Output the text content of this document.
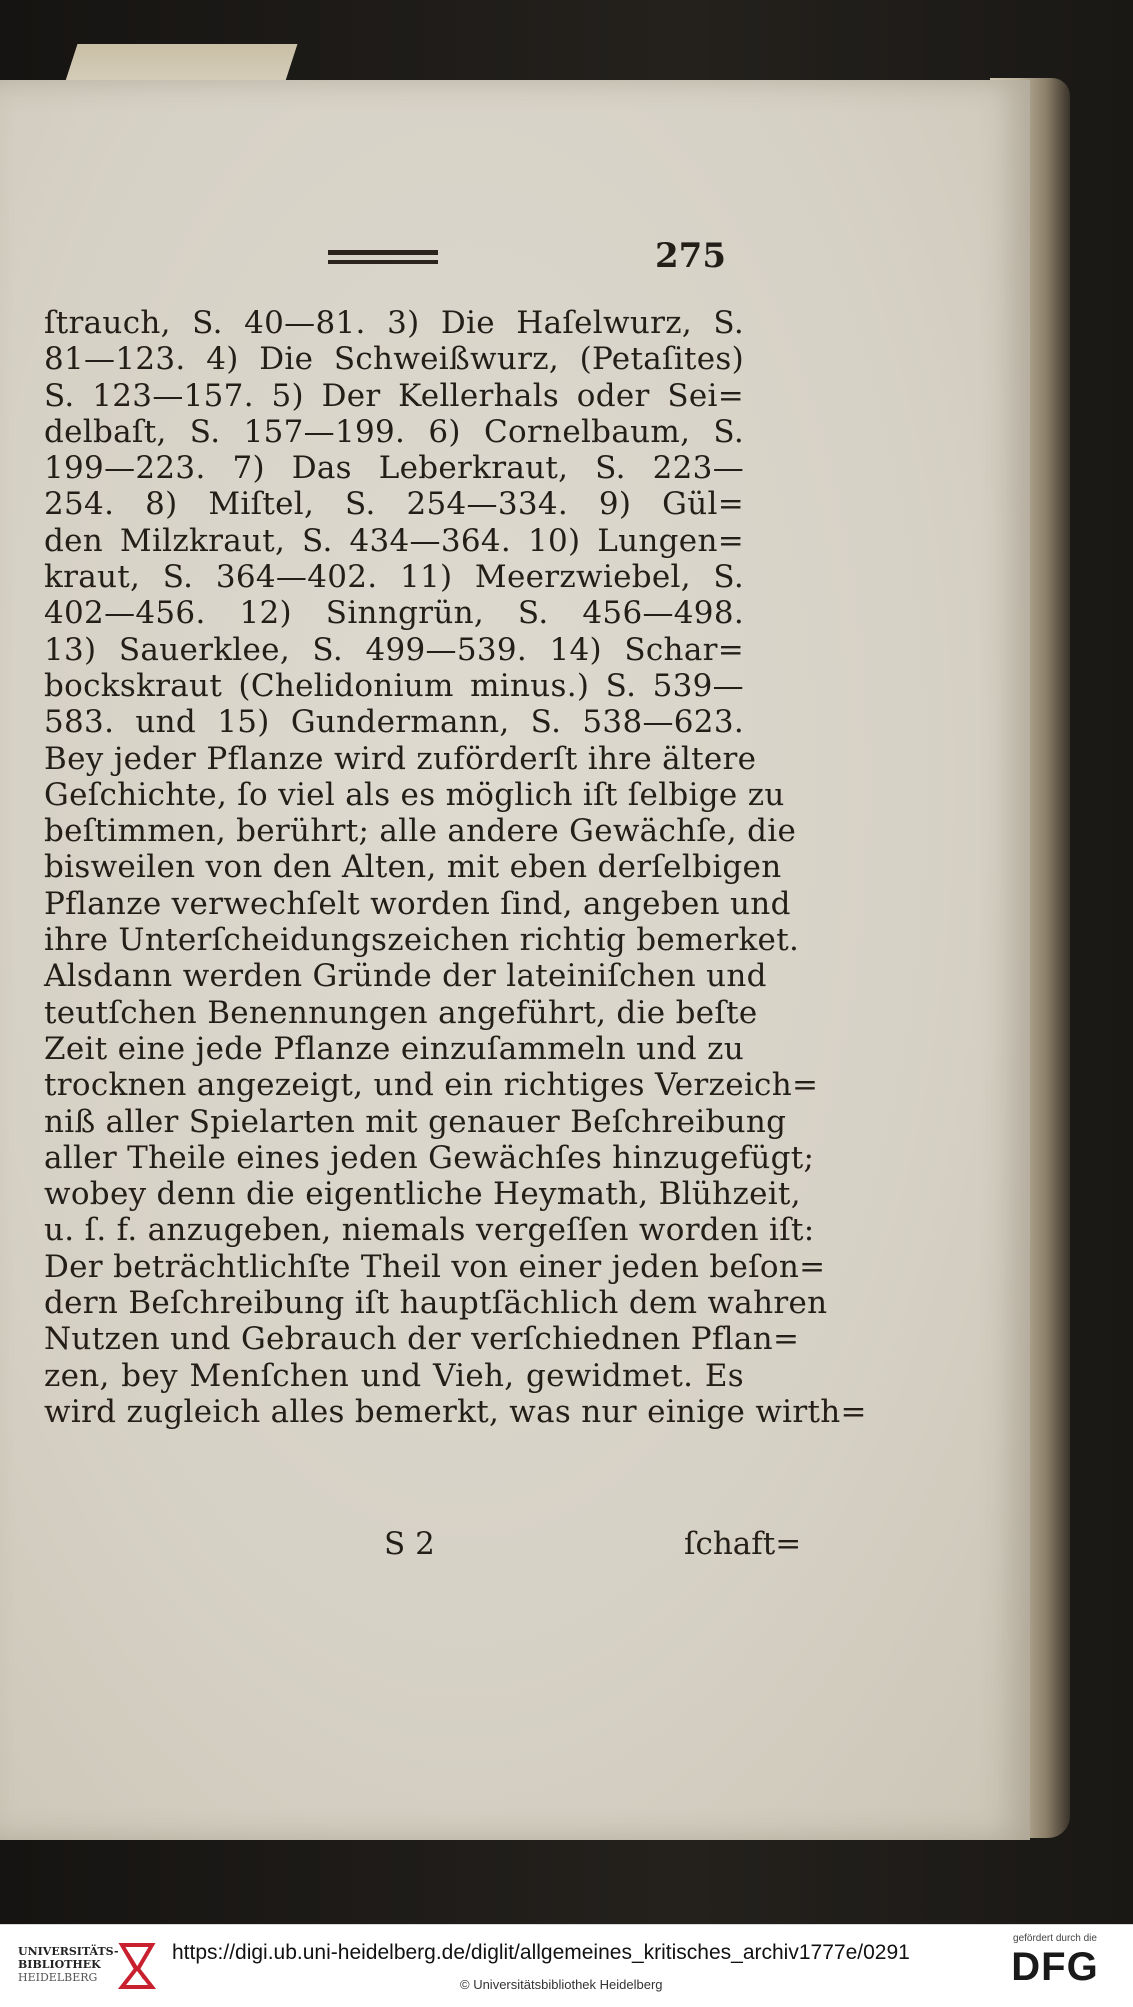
275
ſtrauch, S. 40—81. 3) Die Haſelwurz, S.
81—123. 4) Die Schweißwurz, (Petaſites)
S. 123—157. 5) Der Kellerhals oder Sei=
delbaſt, S. 157—199. 6) Cornelbaum, S.
199—223. 7) Das Leberkraut, S. 223—
254. 8) Miſtel, S. 254—334. 9) Gül=
den Milzkraut, S. 434—364. 10) Lungen=
kraut, S. 364—402. 11) Meerzwiebel, S.
402—456. 12) Sinngrün, S. 456—498.
13) Sauerklee, S. 499—539. 14) Schar=
bockskraut (Chelidonium minus.) S. 539—
583. und 15) Gundermann, S. 538—623.
Bey jeder Pflanze wird zuförderſt ihre ältere
Geſchichte, ſo viel als es möglich iſt ſelbige zu
beſtimmen, berührt; alle andere Gewächſe, die
bisweilen von den Alten, mit eben derſelbigen
Pflanze verwechſelt worden ſind, angeben und
ihre Unterſcheidungszeichen richtig bemerket.
Alsdann werden Gründe der lateiniſchen und
teutſchen Benennungen angeführt, die beſte
Zeit eine jede Pflanze einzuſammeln und zu
trocknen angezeigt, und ein richtiges Verzeich=
niß aller Spielarten mit genauer Beſchreibung
aller Theile eines jeden Gewächſes hinzugefügt;
wobey denn die eigentliche Heymath, Blühzeit,
u. ſ. f. anzugeben, niemals vergeſſen worden iſt:
Der beträchtlichſte Theil von einer jeden beſon=
dern Beſchreibung iſt hauptſächlich dem wahren
Nutzen und Gebrauch der verſchiednen Pflan=
zen, bey Menſchen und Vieh, gewidmet. Es
wird zugleich alles bemerkt, was nur einige wirth=
S 2	ſchaft=
UNIVERSITÄTS-
BIBLIOTHEK
HEIDELBERG
https://digi.ub.uni-heidelberg.de/diglit/allgemeines_kritisches_archiv1777e/0291
© Universitätsbibliothek Heidelberg
gefördert durch die
DFG
